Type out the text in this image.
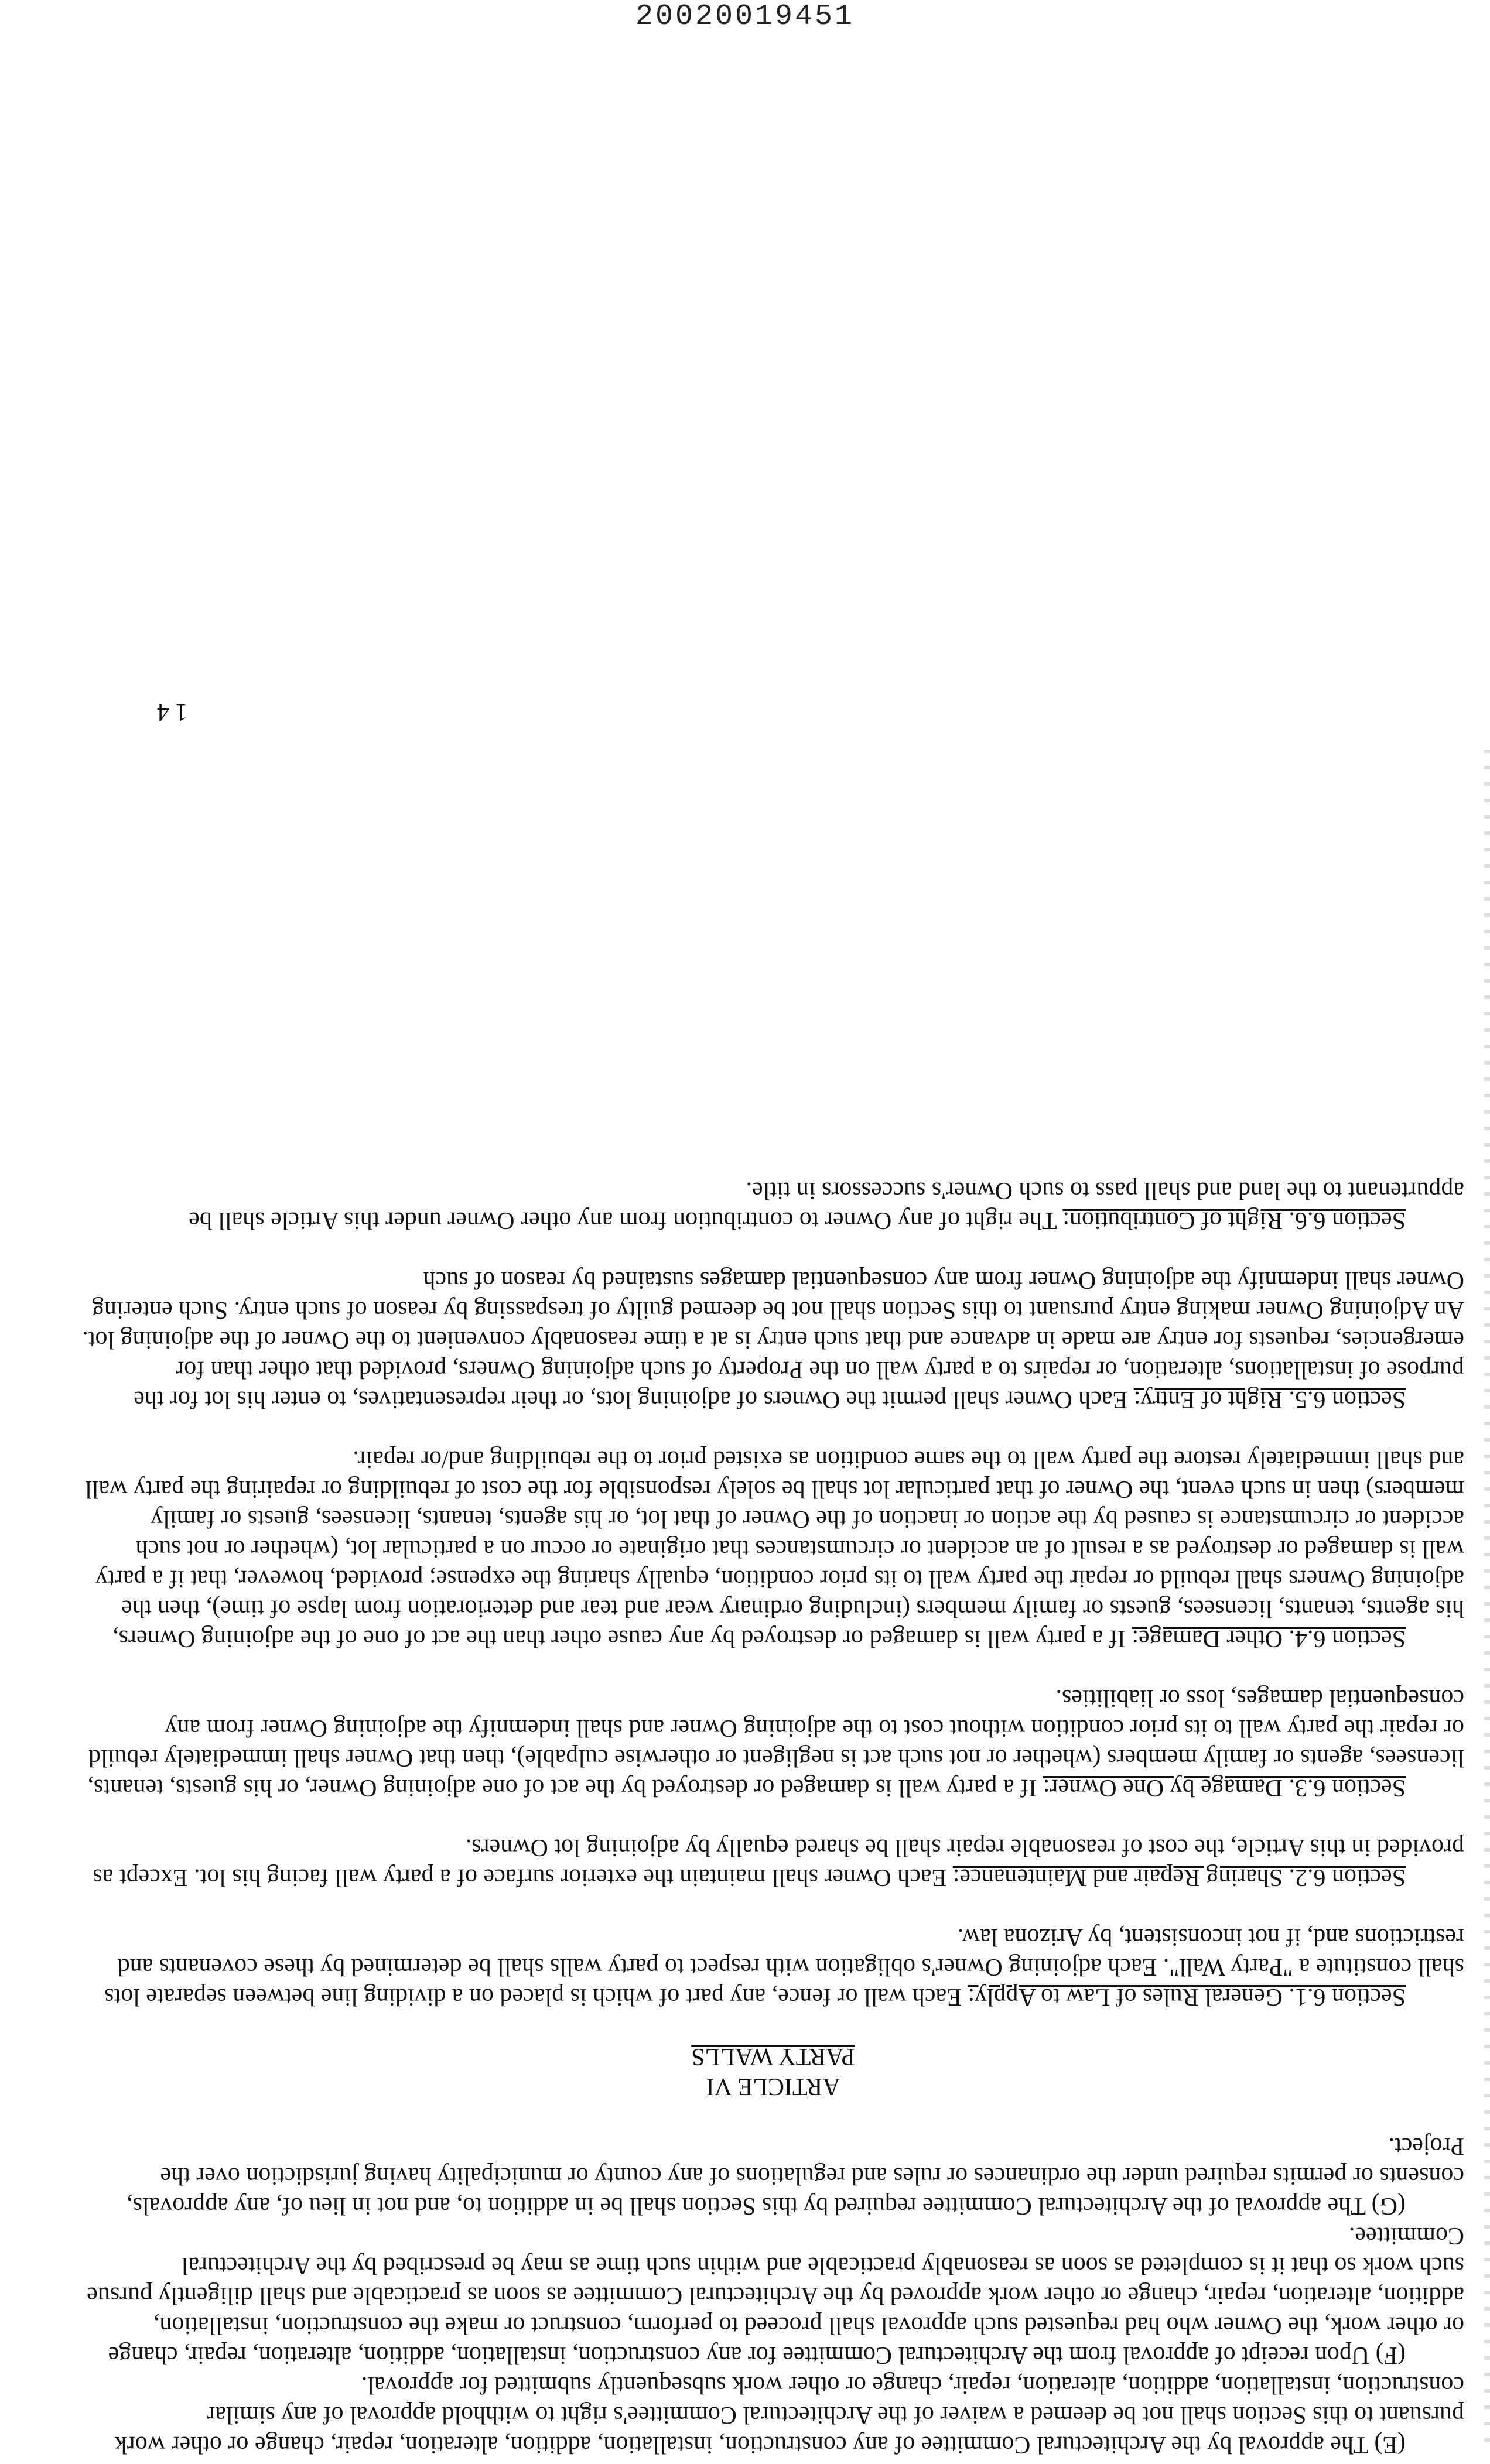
20020019451

(E) The approval by the Architectural Committee of any construction, installation, addition, alteration, repair, change or other work pursuant to this Section shall not be deemed a waiver of the Architectural Committee's right to withhold approval of any similar construction, installation, addition, alteration, repair, change or other work subsequently submitted for approval.

(F) Upon receipt of approval from the Architectural Committee for any construction, installation, addition, alteration, repair, change or other work, the Owner who had requested such approval shall proceed to perform, construct or make the construction, installation, addition, alteration, repair, change or other work approved by the Architectural Committee as soon as practicable and shall diligently pursue such work so that it is completed as soon as reasonably practicable and within such time as may be prescribed by the Architectural Committee.

(G) The approval of the Architectural Committee required by this Section shall be in addition to, and not in lieu of, any approvals, consents or permits required under the ordinances or rules and regulations of any county or municipality having jurisdiction over the Project.

ARTICLE VI
PARTY WALLS

Section 6.1. General Rules of Law to Apply: Each wall or fence, any part of which is placed on a dividing line between separate lots shall constitute a "Party Wall". Each adjoining Owner's obligation with respect to party walls shall be determined by these covenants and restrictions and, if not inconsistent, by Arizona law.

Section 6.2. Sharing Repair and Maintenance: Each Owner shall maintain the exterior surface of a party wall facing his lot. Except as provided in this Article, the cost of reasonable repair shall be shared equally by adjoining lot Owners.

Section 6.3. Damage by One Owner: If a party wall is damaged or destroyed by the act of one adjoining Owner, or his guests, tenants, licensees, agents or family members (whether or not such act is negligent or otherwise culpable), then that Owner shall immediately rebuild or repair the party wall to its prior condition without cost to the adjoining Owner and shall indemnify the adjoining Owner from any consequential damages, loss or liabilities.

Section 6.4. Other Damage: If a party wall is damaged or destroyed by any cause other than the act of one of the adjoining Owners, his agents, tenants, licensees, guests or family members (including ordinary wear and tear and deterioration from lapse of time), then the adjoining Owners shall rebuild or repair the party wall to its prior condition, equally sharing the expense; provided, however, that if a party wall is damaged or destroyed as a result of an accident or circumstances that originate or occur on a particular lot, (whether or not such accident or circumstance is caused by the action or inaction of the Owner of that lot, or his agents, tenants, licensees, guests or family members) then in such event, the Owner of that particular lot shall be solely responsible for the cost of rebuilding or repairing the party wall and shall immediately restore the party wall to the same condition as existed prior to the rebuilding and/or repair.

Section 6.5. Right of Entry: Each Owner shall permit the Owners of adjoining lots, or their representatives, to enter his lot for the purpose of installations, alteration, or repairs to a party wall on the Property of such adjoining Owners, provided that other than for emergencies, requests for entry are made in advance and that such entry is at a time reasonably convenient to the Owner of the adjoining lot. An Adjoining Owner making entry pursuant to this Section shall not be deemed guilty of trespassing by reason of such entry. Such entering Owner shall indemnify the adjoining Owner from any consequential damages sustained by reason of such

Section 6.6. Right of Contribution: The right of any Owner to contribution from any other Owner under this Article shall be appurtenant to the land and shall pass to such Owner's successors in title.

14
